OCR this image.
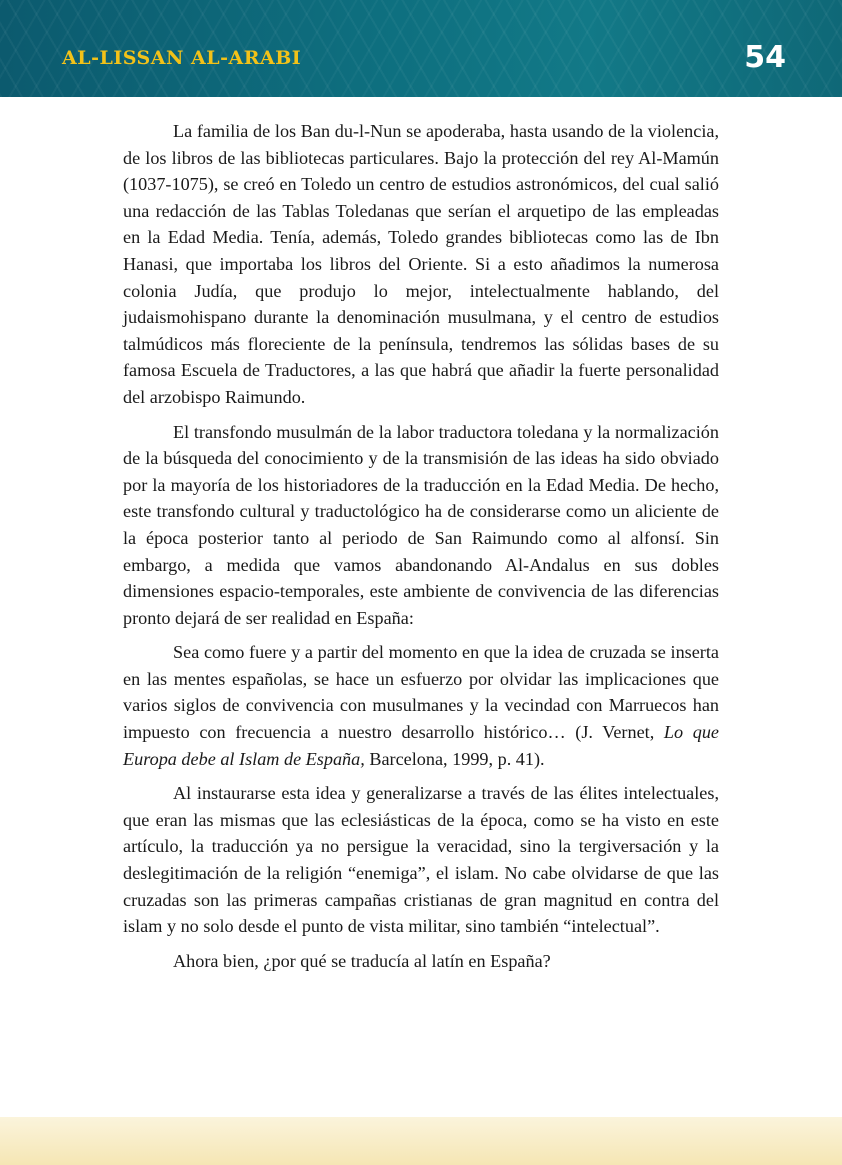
AL-LISSAN AL-ARABI	54

La familia de los Ban du-l-Nun se apoderaba, hasta usando de la violencia, de los libros de las bibliotecas particulares. Bajo la protección del rey Al-Mamún (1037-1075), se creó en Toledo un centro de estudios astronómicos, del cual salió una redacción de las Tablas Toledanas que serían el arquetipo de las empleadas en la Edad Media. Tenía, además, Toledo grandes bibliotecas como las de Ibn Hanasi, que importaba los libros del Oriente. Si a esto añadimos la numerosa colonia Judía, que produjo lo mejor, intelectualmente hablando, del judaismohispano durante la denominación musulmana, y el centro de estudios talmúdicos más floreciente de la península, tendremos las sólidas bases de su famosa Escuela de Traductores, a las que habrá que añadir la fuerte personalidad del arzobispo Raimundo.

El transfondo musulmán de la labor traductora toledana y la normalización de la búsqueda del conocimiento y de la transmisión de las ideas ha sido obviado por la mayoría de los historiadores de la traducción en la Edad Media. De hecho, este transfondo cultural y traductológico ha de considerarse como un aliciente de la época posterior tanto al periodo de San Raimundo como al alfonsí. Sin embargo, a medida que vamos abandonando Al-Andalus en sus dobles dimensiones espacio-temporales, este ambiente de convivencia de las diferencias pronto dejará de ser realidad en España:

Sea como fuere y a partir del momento en que la idea de cruzada se inserta en las mentes españolas, se hace un esfuerzo por olvidar las implicaciones que varios siglos de convivencia con musulmanes y la vecindad con Marruecos han impuesto con frecuencia a nuestro desarrollo histórico… (J. Vernet, Lo que Europa debe al Islam de España, Barcelona, 1999, p. 41).

Al instaurarse esta idea y generalizarse a través de las élites intelectuales, que eran las mismas que las eclesiásticas de la época, como se ha visto en este artículo, la traducción ya no persigue la veracidad, sino la tergiversación y la deslegitimación de la religión “enemiga”, el islam. No cabe olvidarse de que las cruzadas son las primeras campañas cristianas de gran magnitud en contra del islam y no solo desde el punto de vista militar, sino también “intelectual”.

Ahora bien, ¿por qué se traducía al latín en España?
